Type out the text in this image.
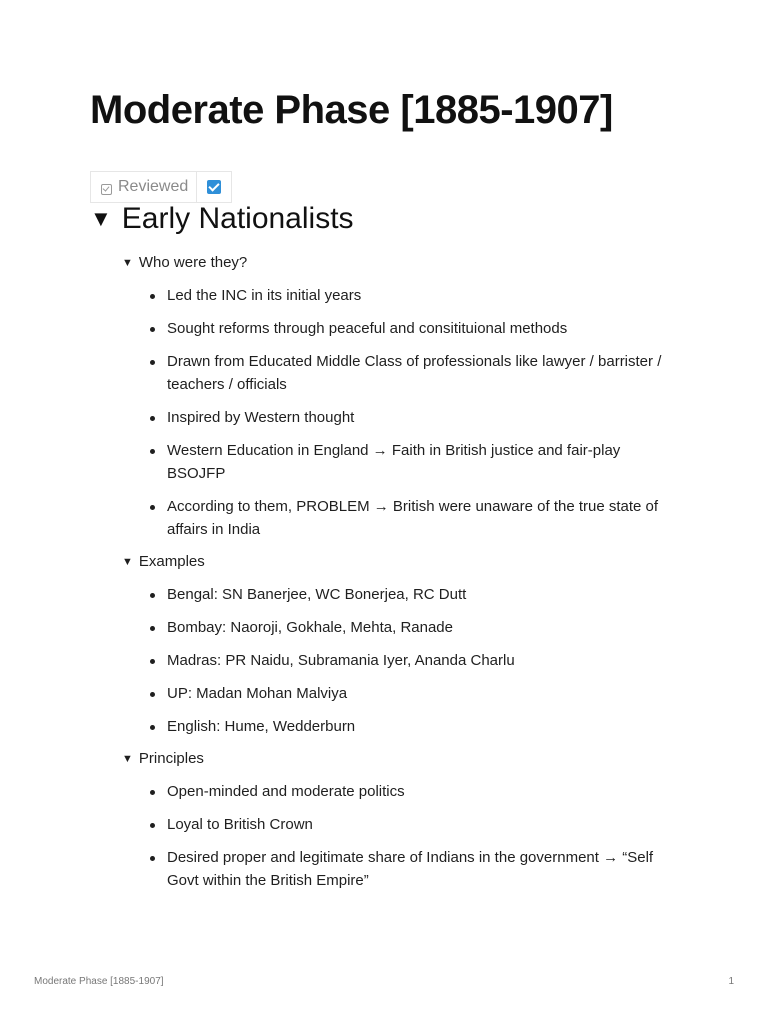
Moderate Phase [1885-1907]
Reviewed
▼ Early Nationalists
▼ Who were they?
Led the INC in its initial years
Sought reforms through peaceful and consitituional methods
Drawn from Educated Middle Class of professionals like lawyer / barrister / teachers / officials
Inspired by Western thought
Western Education in England → Faith in British justice and fair-play BSOJFP
According to them, PROBLEM → British were unaware of the true state of affairs in India
▼ Examples
Bengal: SN Banerjee, WC Bonerjea, RC Dutt
Bombay: Naoroji, Gokhale, Mehta, Ranade
Madras: PR Naidu, Subramania Iyer, Ananda Charlu
UP: Madan Mohan Malviya
English: Hume, Wedderburn
▼ Principles
Open-minded and moderate politics
Loyal to British Crown
Desired proper and legitimate share of Indians in the government → “Self Govt within the British Empire”
Moderate Phase [1885-1907]	1
